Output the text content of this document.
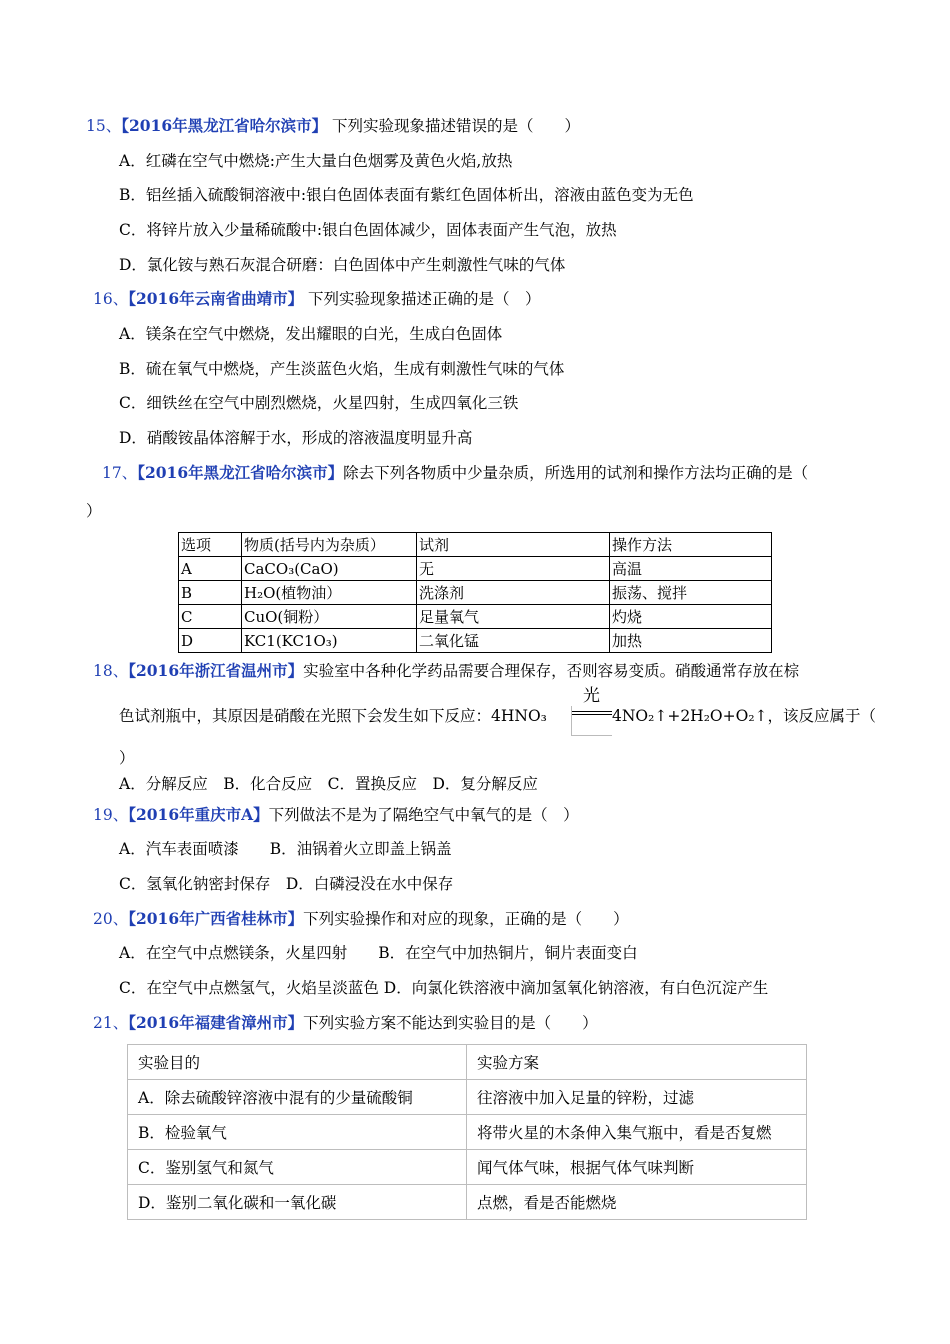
15、【2016年黑龙江省哈尔滨市】 下列实验现象描述错误的是（　　）
A．红磷在空气中燃烧:产生大量白色烟雾及黄色火焰,放热
B．铝丝插入硫酸铜溶液中:银白色固体表面有紫红色固体析出，溶液由蓝色变为无色
C．将锌片放入少量稀硫酸中:银白色固体减少，固体表面产生气泡，放热
D．氯化铵与熟石灰混合研磨：白色固体中产生刺激性气味的气体
16、【2016年云南省曲靖市】 下列实验现象描述正确的是（　）
A．镁条在空气中燃烧，发出耀眼的白光，生成白色固体
B．硫在氧气中燃烧，产生淡蓝色火焰，生成有刺激性气味的气体
C．细铁丝在空气中剧烈燃烧，火星四射，生成四氧化三铁
D．硝酸铵晶体溶解于水，形成的溶液温度明显升高
17、【2016年黑龙江省哈尔滨市】除去下列各物质中少量杂质，所选用的试剂和操作方法均正确的是（
）
选项	物质(括号内为杂质）	试剂	操作方法
A	CaCO₃(CaO)	无	高温
B	H₂O(植物油）	洗涤剂	振荡、搅拌
C	CuO(铜粉）	足量氧气	灼烧
D	KC1(KC1O₃)	二氧化锰	加热
18、【2016年浙江省温州市】实验室中各种化学药品需要合理保存，否则容易变质。硝酸通常存放在棕
色试剂瓶中，其原因是硝酸在光照下会发生如下反应：4HNO₃
光
4NO₂↑+2H₂O+O₂↑，该反应属于（
）
A．分解反应　B．化合反应　C．置换反应　D．复分解反应
19、【2016年重庆市A】下列做法不是为了隔绝空气中氧气的是（　）
A．汽车表面喷漆　　B．油锅着火立即盖上锅盖
C．氢氧化钠密封保存　D．白磷浸没在水中保存
20、【2016年广西省桂林市】下列实验操作和对应的现象，正确的是（　　）
A．在空气中点燃镁条，火星四射　　B．在空气中加热铜片，铜片表面变白
C．在空气中点燃氢气，火焰呈淡蓝色 D．向氯化铁溶液中滴加氢氧化钠溶液，有白色沉淀产生
21、【2016年福建省漳州市】下列实验方案不能达到实验目的是（　　）
实验目的	实验方案
A．除去硫酸锌溶液中混有的少量硫酸铜	往溶液中加入足量的锌粉，过滤
B．检验氧气	将带火星的木条伸入集气瓶中，看是否复燃
C．鉴别氢气和氮气	闻气体气味，根据气体气味判断
D．鉴别二氧化碳和一氧化碳	点燃，看是否能燃烧
